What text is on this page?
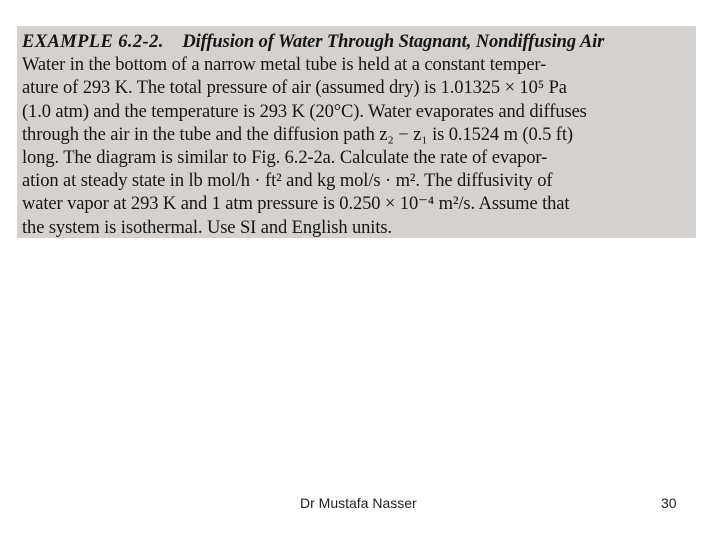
EXAMPLE 6.2-2. Diffusion of Water Through Stagnant, Nondiffusing Air
Water in the bottom of a narrow metal tube is held at a constant temper-
ature of 293 K. The total pressure of air (assumed dry) is 1.01325 × 10⁵ Pa
(1.0 atm) and the temperature is 293 K (20°C). Water evaporates and diffuses
through the air in the tube and the diffusion path z₂ − z₁ is 0.1524 m (0.5 ft)
long. The diagram is similar to Fig. 6.2-2a. Calculate the rate of evapor-
ation at steady state in lb mol/h · ft² and kg mol/s · m². The diffusivity of
water vapor at 293 K and 1 atm pressure is 0.250 × 10⁻⁴ m²/s. Assume that
the system is isothermal. Use SI and English units.
Dr Mustafa Nasser	30
